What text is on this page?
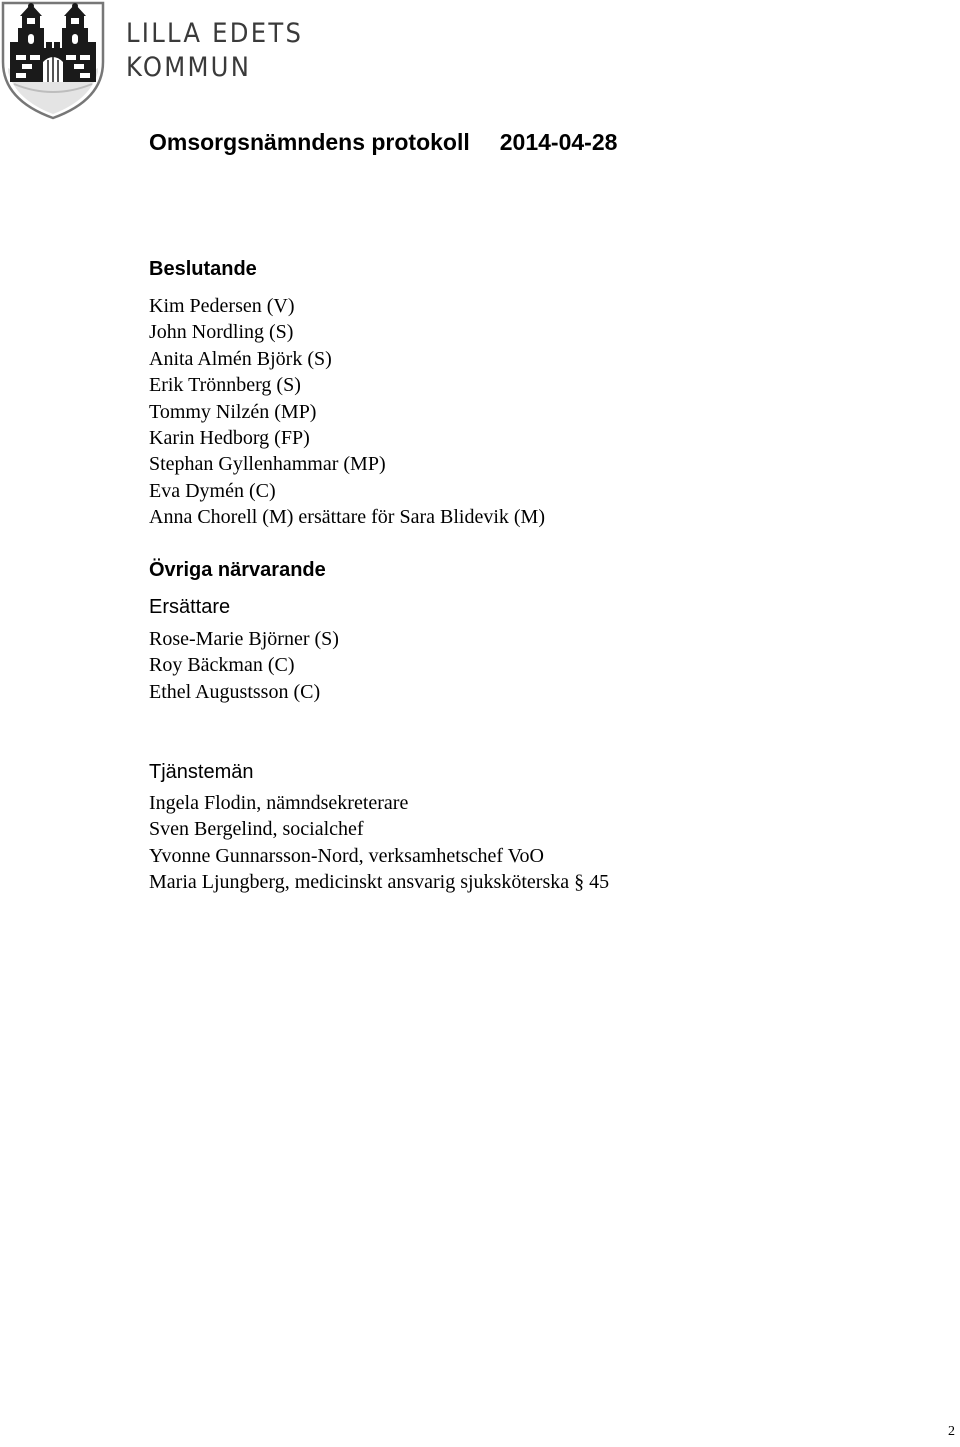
LILLA EDETS
KOMMUN
Omsorgsnämndens protokoll 2014-04-28
Beslutande
Kim Pedersen (V)
John Nordling (S)
Anita Almén Björk (S)
Erik Trönnberg (S)
Tommy Nilzén (MP)
Karin Hedborg (FP)
Stephan Gyllenhammar (MP)
Eva Dymén (C)
Anna Chorell (M) ersättare för Sara Blidevik (M)
Övriga närvarande
Ersättare
Rose-Marie Björner (S)
Roy Bäckman (C)
Ethel Augustsson (C)
Tjänstemän
Ingela Flodin, nämndsekreterare
Sven Bergelind, socialchef
Yvonne Gunnarsson-Nord, verksamhetschef VoO
Maria Ljungberg, medicinskt ansvarig sjuksköterska § 45
2
